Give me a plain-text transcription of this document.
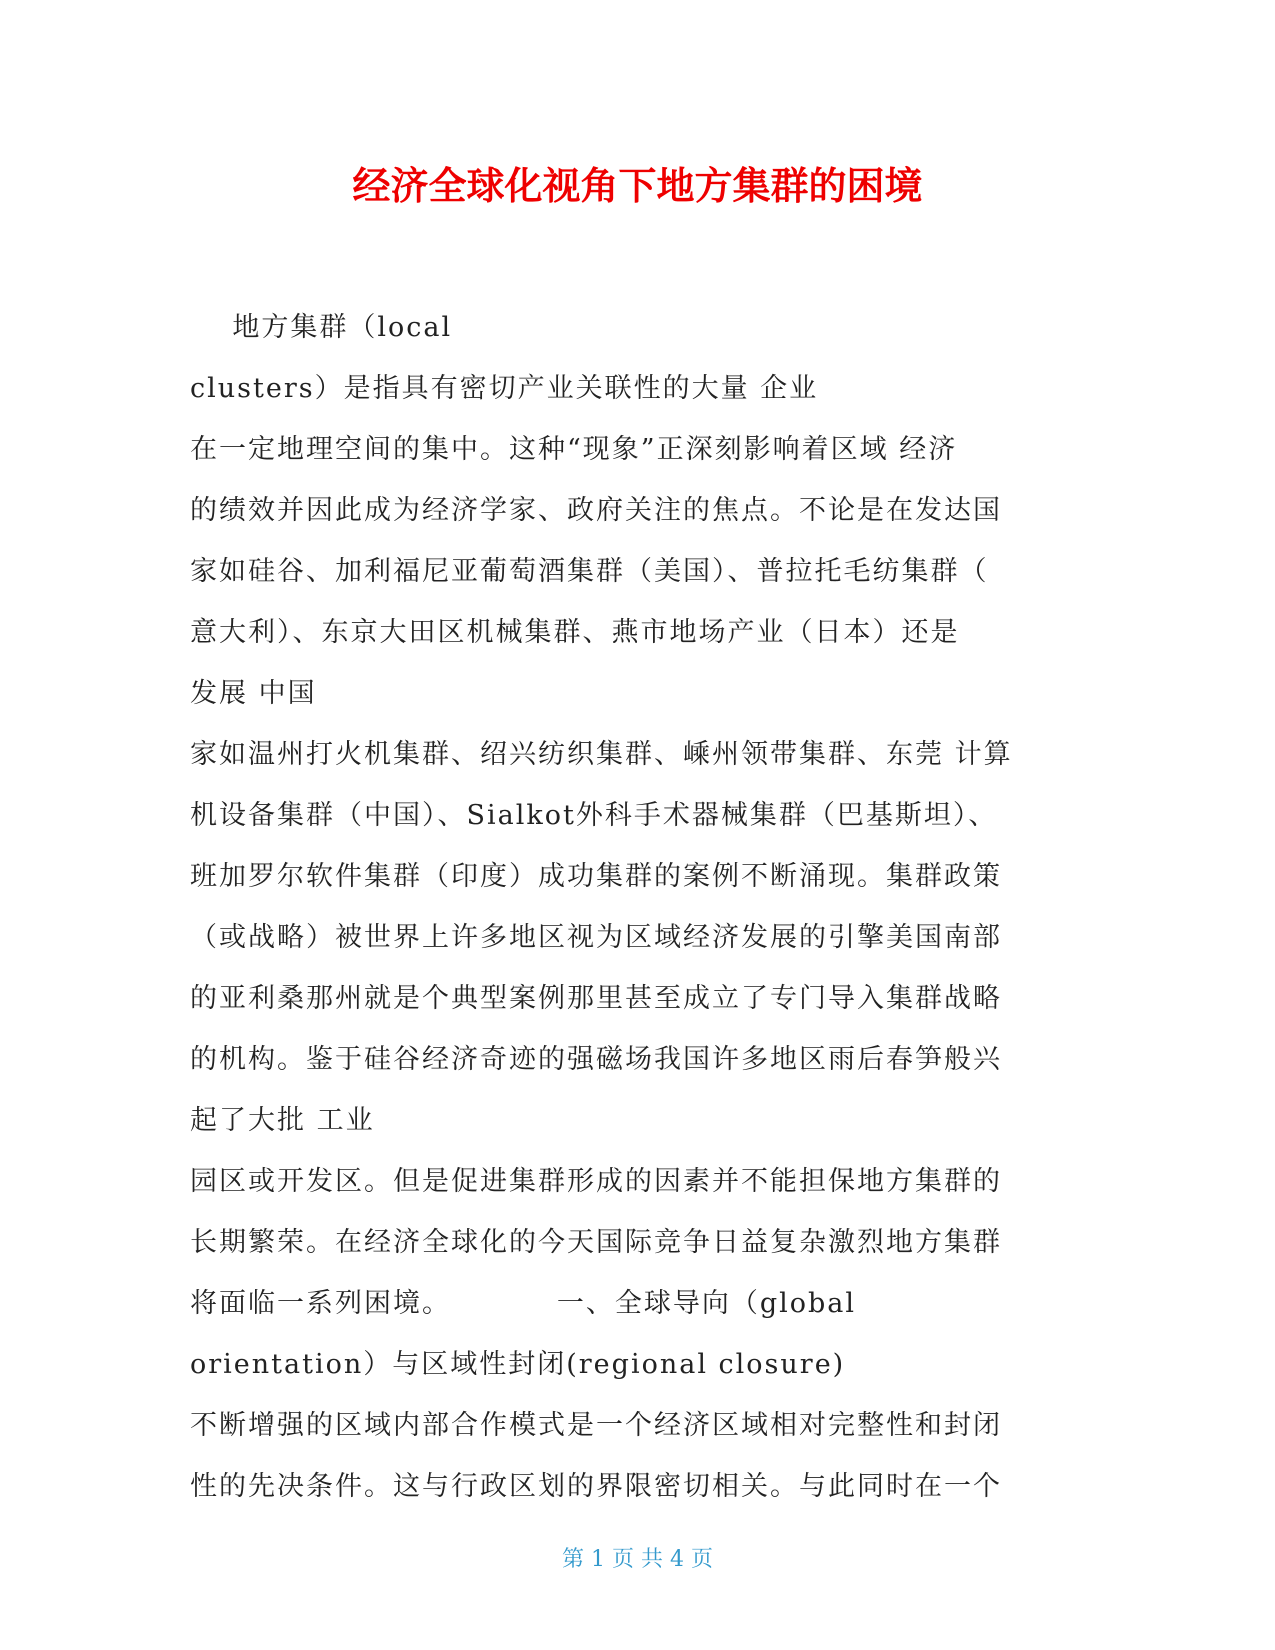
经济全球化视角下地方集群的困境
地方集群（local
clusters）是指具有密切产业关联性的大量 企业
在一定地理空间的集中。这种“现象”正深刻影响着区域 经济
的绩效并因此成为经济学家、政府关注的焦点。不论是在发达国
家如硅谷、加利福尼亚葡萄酒集群（美国）、普拉托毛纺集群（
意大利）、东京大田区机械集群、燕市地场产业（日本）还是
发展 中国
家如温州打火机集群、绍兴纺织集群、嵊州领带集群、东莞 计算
机设备集群（中国）、Sialkot外科手术器械集群（巴基斯坦）、
班加罗尔软件集群（印度）成功集群的案例不断涌现。集群政策
（或战略）被世界上许多地区视为区域经济发展的引擎美国南部
的亚利桑那州就是个典型案例那里甚至成立了专门导入集群战略
的机构。鉴于硅谷经济奇迹的强磁场我国许多地区雨后春笋般兴
起了大批 工业
园区或开发区。但是促进集群形成的因素并不能担保地方集群的
长期繁荣。在经济全球化的今天国际竞争日益复杂激烈地方集群
将面临一系列困境。          一、全球导向（global
orientation）与区域性封闭(regional closure)
不断增强的区域内部合作模式是一个经济区域相对完整性和封闭
性的先决条件。这与行政区划的界限密切相关。与此同时在一个
第 1 页 共 4 页
